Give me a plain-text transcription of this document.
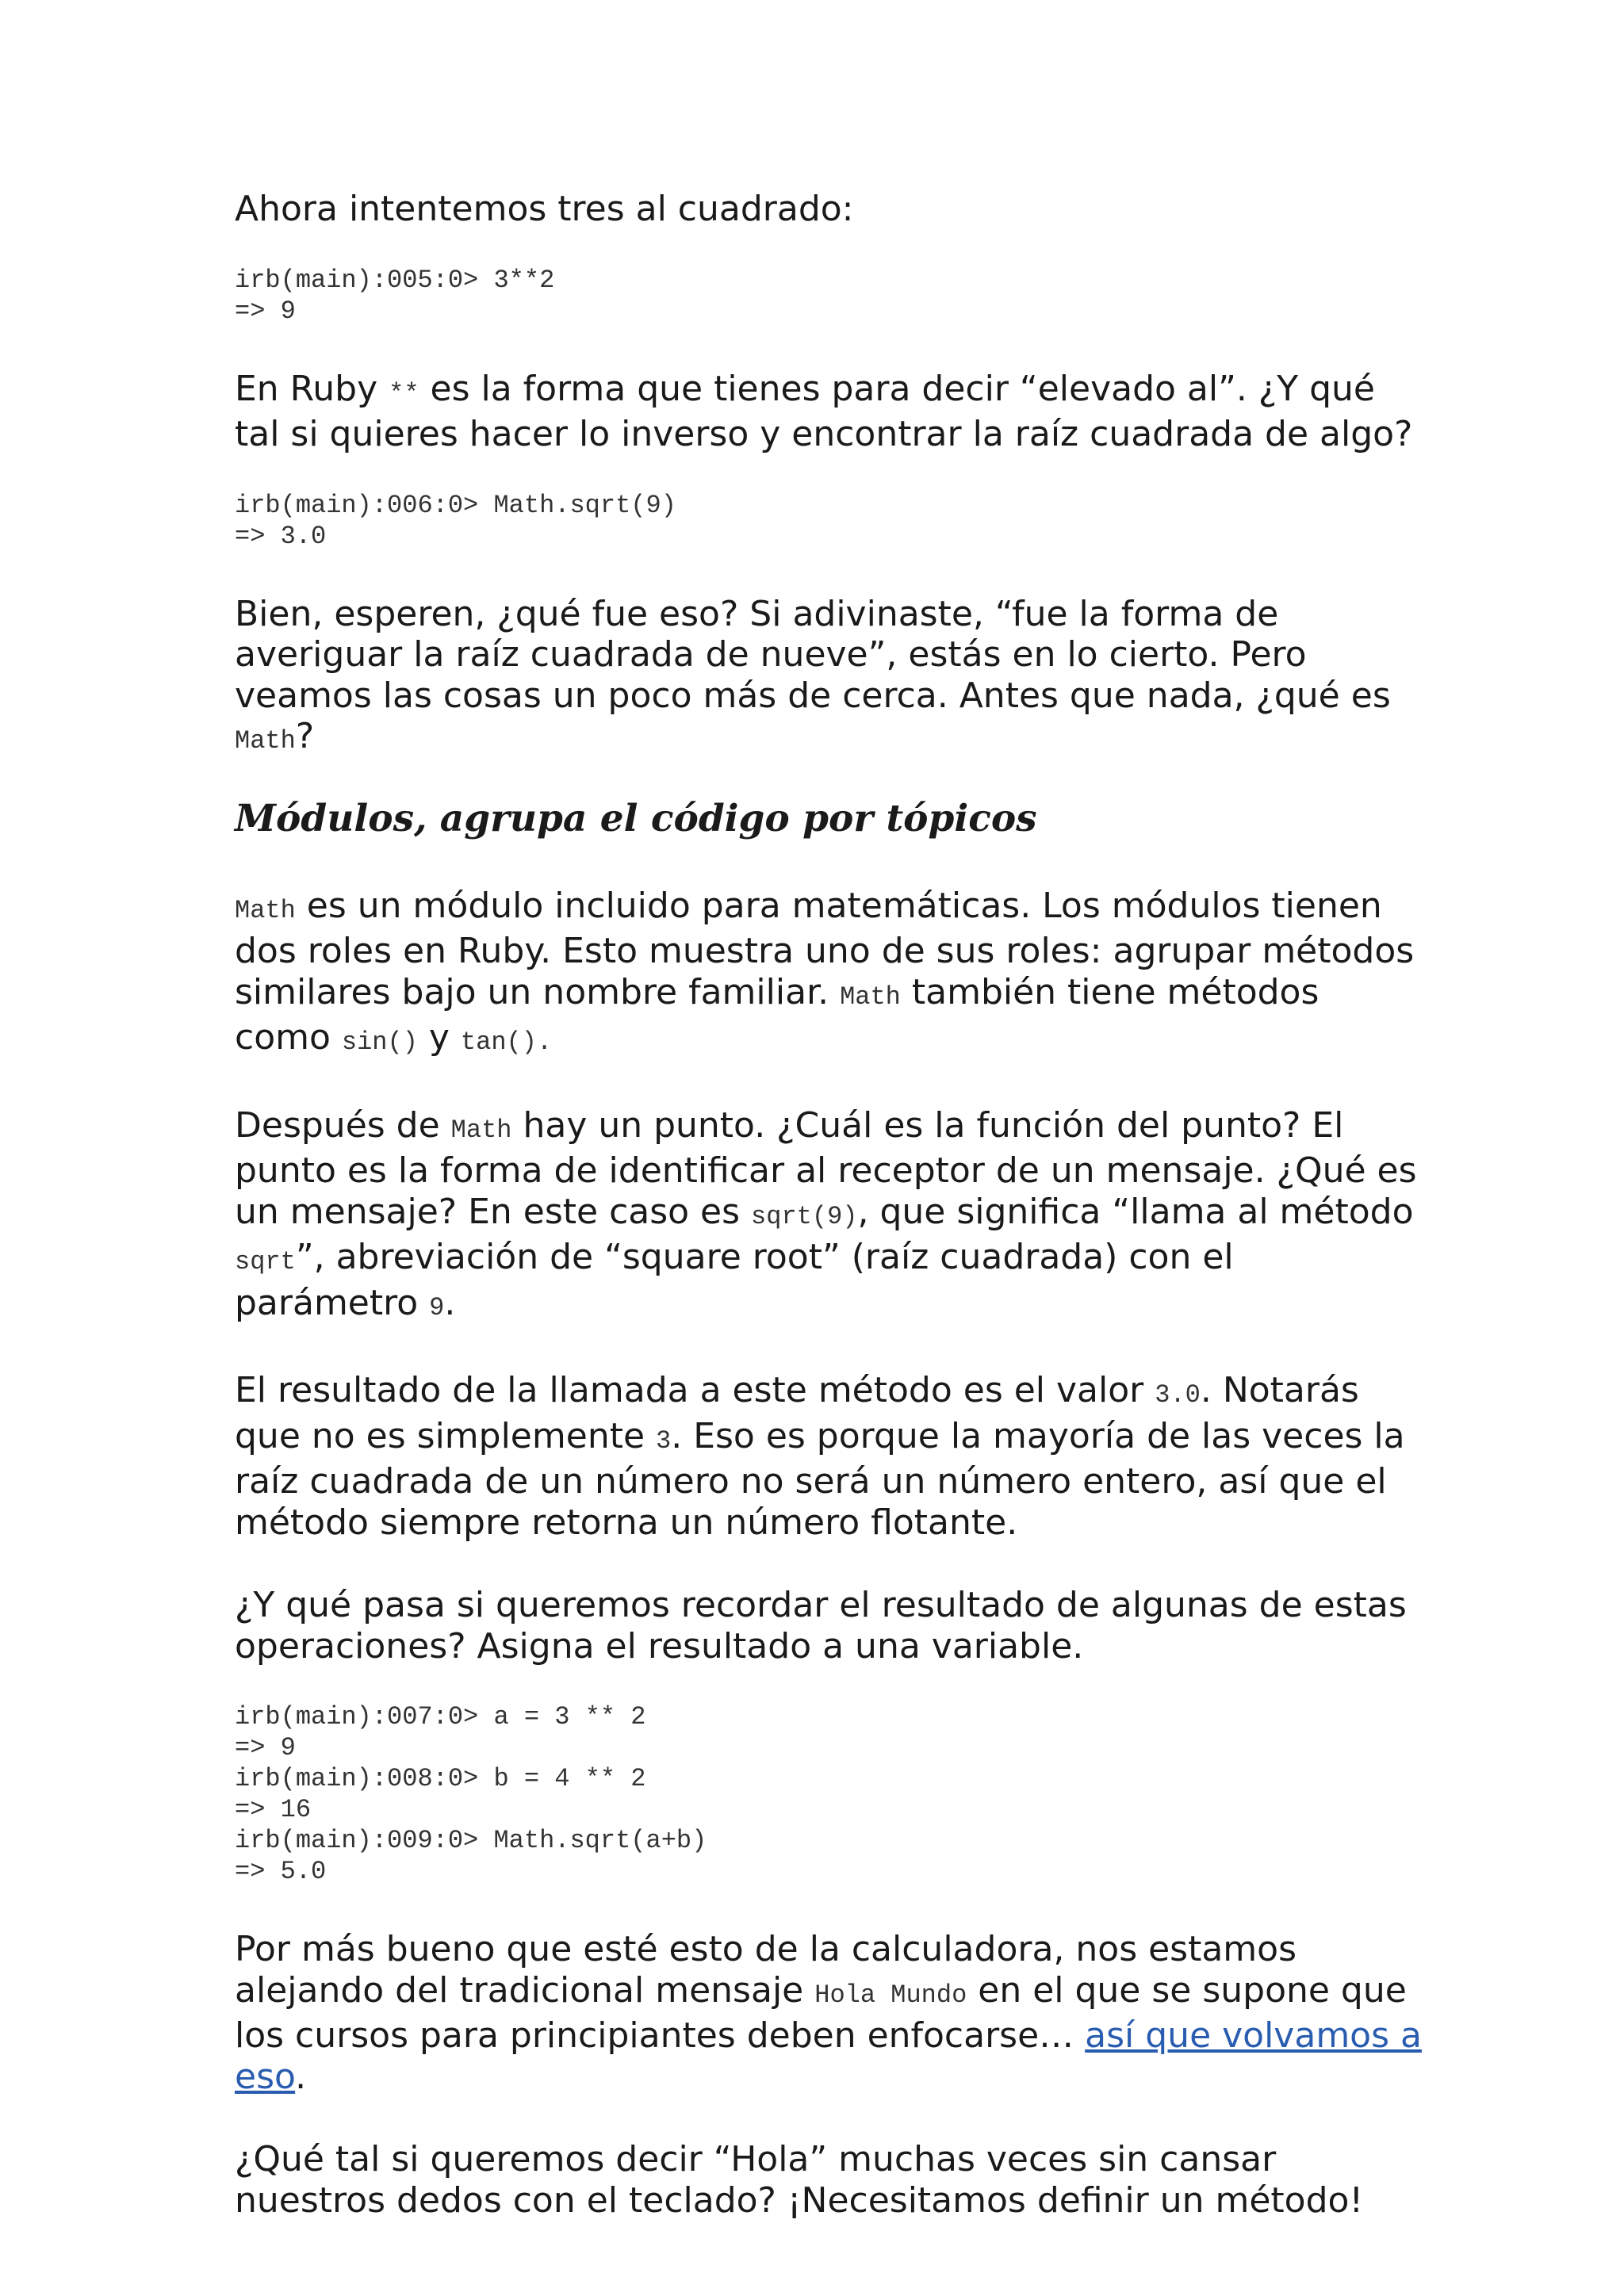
Ahora intentemos tres al cuadrado:

irb(main):005:0> 3**2
=> 9

En Ruby ** es la forma que tienes para decir “elevado al”. ¿Y qué tal si quieres hacer lo inverso y encontrar la raíz cuadrada de algo?

irb(main):006:0> Math.sqrt(9)
=> 3.0

Bien, esperen, ¿qué fue eso? Si adivinaste, “fue la forma de averiguar la raíz cuadrada de nueve”, estás en lo cierto. Pero veamos las cosas un poco más de cerca. Antes que nada, ¿qué es Math?

Módulos, agrupa el código por tópicos

Math es un módulo incluido para matemáticas. Los módulos tienen dos roles en Ruby. Esto muestra uno de sus roles: agrupar métodos similares bajo un nombre familiar. Math también tiene métodos como sin() y tan().

Después de Math hay un punto. ¿Cuál es la función del punto? El punto es la forma de identificar al receptor de un mensaje. ¿Qué es un mensaje? En este caso es sqrt(9), que significa “llama al método sqrt”, abreviación de “square root” (raíz cuadrada) con el parámetro 9.

El resultado de la llamada a este método es el valor 3.0. Notarás que no es simplemente 3. Eso es porque la mayoría de las veces la raíz cuadrada de un número no será un número entero, así que el método siempre retorna un número flotante.

¿Y qué pasa si queremos recordar el resultado de algunas de estas operaciones? Asigna el resultado a una variable.

irb(main):007:0> a = 3 ** 2
=> 9
irb(main):008:0> b = 4 ** 2
=> 16
irb(main):009:0> Math.sqrt(a+b)
=> 5.0

Por más bueno que esté esto de la calculadora, nos estamos alejando del tradicional mensaje Hola Mundo en el que se supone que los cursos para principiantes deben enfocarse… así que volvamos a eso.

¿Qué tal si queremos decir “Hola” muchas veces sin cansar nuestros dedos con el teclado? ¡Necesitamos definir un método!
